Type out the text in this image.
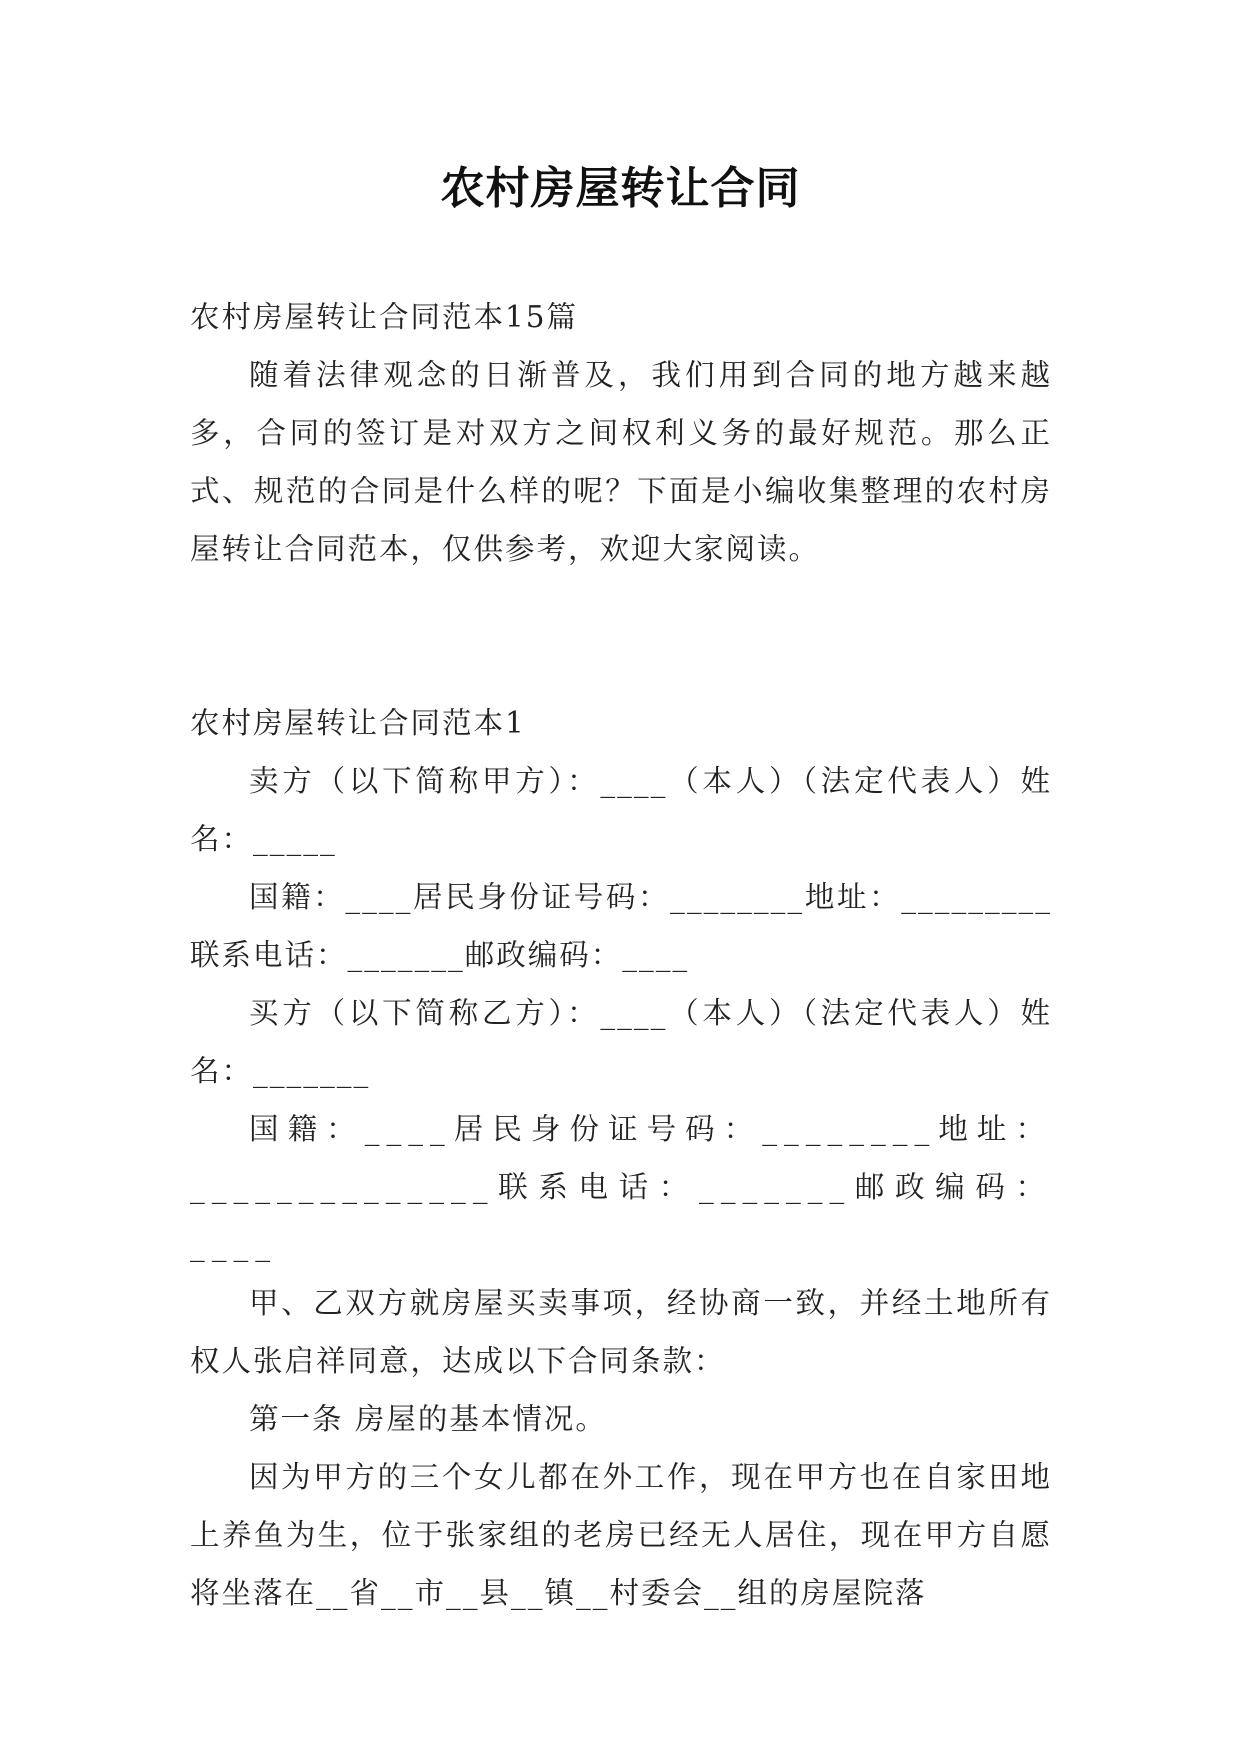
农村房屋转让合同

农村房屋转让合同范本15篇

随着法律观念的日渐普及，我们用到合同的地方越来越多，合同的签订是对双方之间权利义务的最好规范。那么正式、规范的合同是什么样的呢？下面是小编收集整理的农村房屋转让合同范本，仅供参考，欢迎大家阅读。

农村房屋转让合同范本1

卖方（以下简称甲方）：____（本人）（法定代表人）姓名：_____

国籍：____居民身份证号码：________地址：_________联系电话：_______邮政编码：____

买方（以下简称乙方）：____（本人）（法定代表人）姓名：_______

国籍：____居民身份证号码：________地址：______________联系电话：_______邮政编码：____

甲、乙双方就房屋买卖事项，经协商一致，并经土地所有权人张启祥同意，达成以下合同条款：

第一条 房屋的基本情况。

因为甲方的三个女儿都在外工作，现在甲方也在自家田地上养鱼为生，位于张家组的老房已经无人居住，现在甲方自愿将坐落在__省__市__县__镇__村委会__组的房屋院落
